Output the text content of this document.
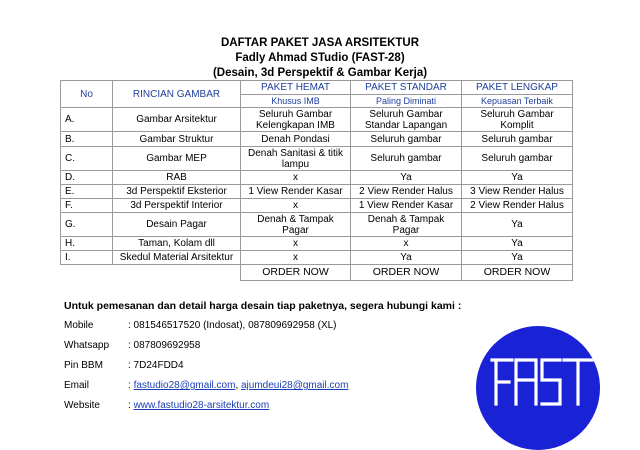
DAFTAR PAKET JASA ARSITEKTUR
Fadly Ahmad STudio (FAST-28)
(Desain, 3d Perspektif & Gambar Kerja)
No	RINCIAN GAMBAR	PAKET HEMAT	PAKET STANDAR	PAKET LENGKAP
		Khusus IMB	Paling Diminati	Kepuasan Terbaik
A.	Gambar Arsitektur	Seluruh Gambar Kelengkapan IMB	Seluruh Gambar Standar Lapangan	Seluruh Gambar Komplit
B.	Gambar Struktur	Denah Pondasi	Seluruh gambar	Seluruh gambar
C.	Gambar MEP	Denah Sanitasi & titik lampu	Seluruh gambar	Seluruh gambar
D.	RAB	x	Ya	Ya
E.	3d Perspektif Eksterior	1 View Render Kasar	2 View Render Halus	3 View Render Halus
F.	3d Perspektif Interior	x	1 View Render Kasar	2 View Render Halus
G.	Desain Pagar	Denah & Tampak Pagar	Denah & Tampak Pagar	Ya
H.	Taman, Kolam dll	x	x	Ya
I.	Skedul Material Arsitektur	x	Ya	Ya
		ORDER NOW	ORDER NOW	ORDER NOW
Untuk pemesanan dan detail harga desain tiap paketnya, segera hubungi kami :
Mobile	: 081546517520 (Indosat), 087809692958 (XL)
Whatsapp : 087809692958
Pin BBM	: 7D24FDD4
Email	: fastudio28@gmail.com, ajumdeui28@gmail.com
Website	: www.fastudio28-arsitektur.com
